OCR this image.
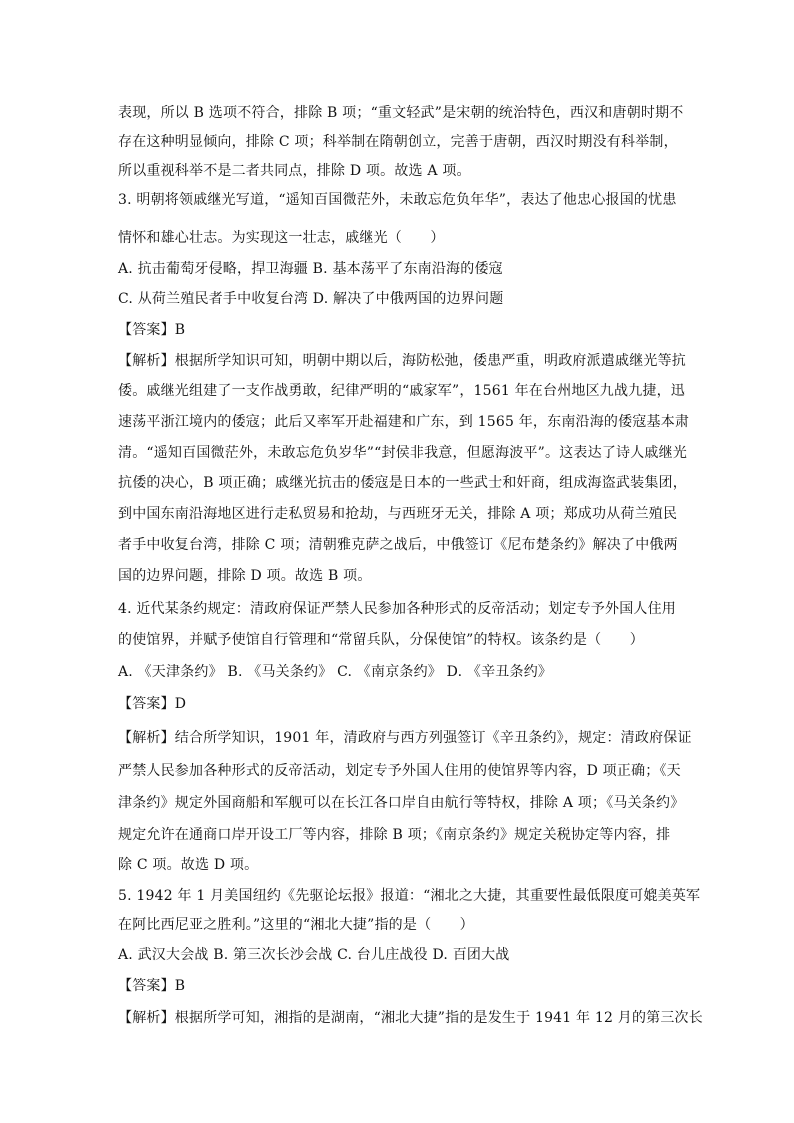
表现，所以 B 选项不符合，排除 B 项；“重文轻武”是宋朝的统治特色，西汉和唐朝时期不
存在这种明显倾向，排除 C 项；科举制在隋朝创立，完善于唐朝，西汉时期没有科举制，
所以重视科举不是二者共同点，排除 D 项。故选 A 项。
3. 明朝将领戚继光写道，“遥知百国微茫外，未敢忘危负年华”，表达了他忠心报国的忧患
情怀和雄心壮志。为实现这一壮志，戚继光（　　）
A. 抗击葡萄牙侵略，捍卫海疆 B. 基本荡平了东南沿海的倭寇
C. 从荷兰殖民者手中收复台湾 D. 解决了中俄两国的边界问题
【答案】B
【解析】根据所学知识可知，明朝中期以后，海防松弛，倭患严重，明政府派遣戚继光等抗
倭。戚继光组建了一支作战勇敢，纪律严明的“戚家军”，1561 年在台州地区九战九捷，迅
速荡平浙江境内的倭寇；此后又率军开赴福建和广东，到 1565 年，东南沿海的倭寇基本肃
清。“遥知百国微茫外，未敢忘危负岁华”“封侯非我意，但愿海波平”。这表达了诗人戚继光
抗倭的决心，B 项正确；戚继光抗击的倭寇是日本的一些武士和奸商，组成海盗武装集团，
到中国东南沿海地区进行走私贸易和抢劫，与西班牙无关，排除 A 项；郑成功从荷兰殖民
者手中收复台湾，排除 C 项；清朝雅克萨之战后，中俄签订《尼布楚条约》解决了中俄两
国的边界问题，排除 D 项。故选 B 项。
4. 近代某条约规定：清政府保证严禁人民参加各种形式的反帝活动；划定专予外国人住用
的使馆界，并赋予使馆自行管理和“常留兵队，分保使馆”的特权。该条约是（　　）
A. 《天津条约》 B. 《马关条约》 C. 《南京条约》 D. 《辛丑条约》
【答案】D
【解析】结合所学知识，1901 年，清政府与西方列强签订《辛丑条约》，规定：清政府保证
严禁人民参加各种形式的反帝活动，划定专予外国人住用的使馆界等内容，D 项正确；《天
津条约》规定外国商船和军舰可以在长江各口岸自由航行等特权，排除 A 项；《马关条约》
规定允许在通商口岸开设工厂等内容，排除 B 项；《南京条约》规定关税协定等内容，排
除 C 项。故选 D 项。
5. 1942 年 1 月美国纽约《先驱论坛报》报道：“湘北之大捷，其重要性最低限度可媲美英军
在阿比西尼亚之胜利。”这里的“湘北大捷”指的是（　　）
A. 武汉大会战 B. 第三次长沙会战 C. 台儿庄战役 D. 百团大战
【答案】B
【解析】根据所学可知，湘指的是湖南，“湘北大捷”指的是发生于 1941 年 12 月的第三次长
